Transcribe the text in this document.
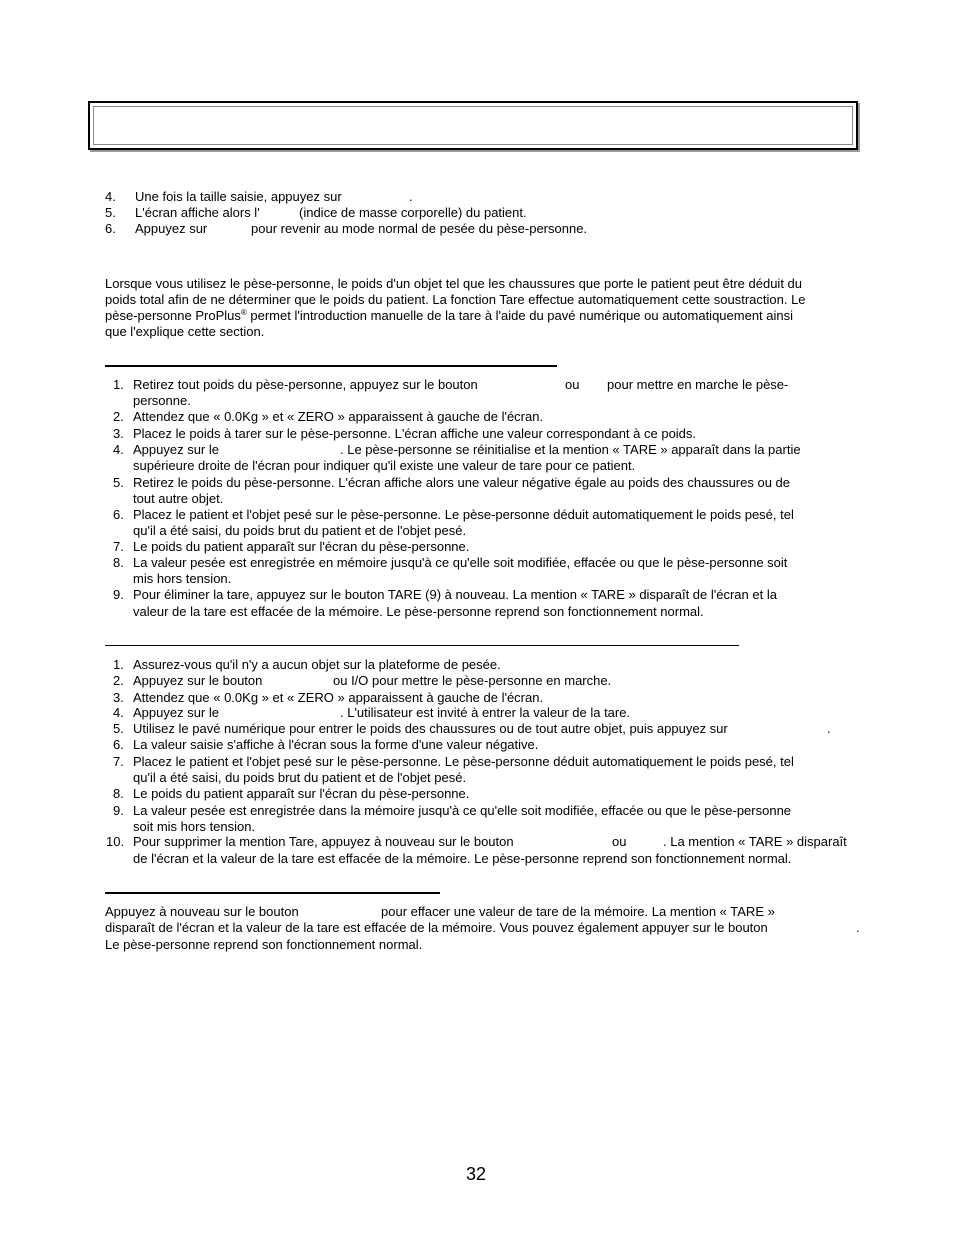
4. Une fois la taille saisie, appuyez sur	.
5. L'écran affiche alors l'	(indice de masse corporelle) du patient.
6. Appuyez sur	pour revenir au mode normal de pesée du pèse-personne.
Lorsque vous utilisez le pèse-personne, le poids d'un objet tel que les chaussures que porte le patient peut être déduit du
poids total afin de ne déterminer que le poids du patient. La fonction Tare effectue automatiquement cette soustraction. Le
pèse-personne ProPlus® permet l'introduction manuelle de la tare à l'aide du pavé numérique ou automatiquement ainsi
que l'explique cette section.
1. Retirez tout poids du pèse-personne, appuyez sur le bouton	ou pour mettre en marche le pèse-
personne.
2. Attendez que « 0.0Kg » et « ZERO » apparaissent à gauche de l'écran.
3. Placez le poids à tarer sur le pèse-personne. L'écran affiche une valeur correspondant à ce poids.
4. Appuyez sur le	. Le pèse-personne se réinitialise et la mention « TARE » apparaît dans la partie
supérieure droite de l'écran pour indiquer qu'il existe une valeur de tare pour ce patient.
5. Retirez le poids du pèse-personne. L'écran affiche alors une valeur négative égale au poids des chaussures ou de
tout autre objet.
6. Placez le patient et l'objet pesé sur le pèse-personne. Le pèse-personne déduit automatiquement le poids pesé, tel
qu'il a été saisi, du poids brut du patient et de l'objet pesé.
7. Le poids du patient apparaît sur l'écran du pèse-personne.
8. La valeur pesée est enregistrée en mémoire jusqu'à ce qu'elle soit modifiée, effacée ou que le pèse-personne soit
mis hors tension.
9. Pour éliminer la tare, appuyez sur le bouton TARE (9) à nouveau. La mention « TARE » disparaît de l'écran et la
valeur de la tare est effacée de la mémoire. Le pèse-personne reprend son fonctionnement normal.
1. Assurez-vous qu'il n'y a aucun objet sur la plateforme de pesée.
2. Appuyez sur le bouton	ou I/O pour mettre le pèse-personne en marche.
3. Attendez que « 0.0Kg » et « ZERO » apparaissent à gauche de l'écran.
4. Appuyez sur le	. L'utilisateur est invité à entrer la valeur de la tare.
5. Utilisez le pavé numérique pour entrer le poids des chaussures ou de tout autre objet, puis appuyez sur	.
6. La valeur saisie s'affiche à l'écran sous la forme d'une valeur négative.
7. Placez le patient et l'objet pesé sur le pèse-personne. Le pèse-personne déduit automatiquement le poids pesé, tel
qu'il a été saisi, du poids brut du patient et de l'objet pesé.
8. Le poids du patient apparaît sur l'écran du pèse-personne.
9. La valeur pesée est enregistrée dans la mémoire jusqu'à ce qu'elle soit modifiée, effacée ou que le pèse-personne
soit mis hors tension.
10. Pour supprimer la mention Tare, appuyez à nouveau sur le bouton	ou	. La mention « TARE » disparaît
de l'écran et la valeur de la tare est effacée de la mémoire. Le pèse-personne reprend son fonctionnement normal.
Appuyez à nouveau sur le bouton	pour effacer une valeur de tare de la mémoire. La mention « TARE »
disparaît de l'écran et la valeur de la tare est effacée de la mémoire. Vous pouvez également appuyer sur le bouton	.
Le pèse-personne reprend son fonctionnement normal.
32
